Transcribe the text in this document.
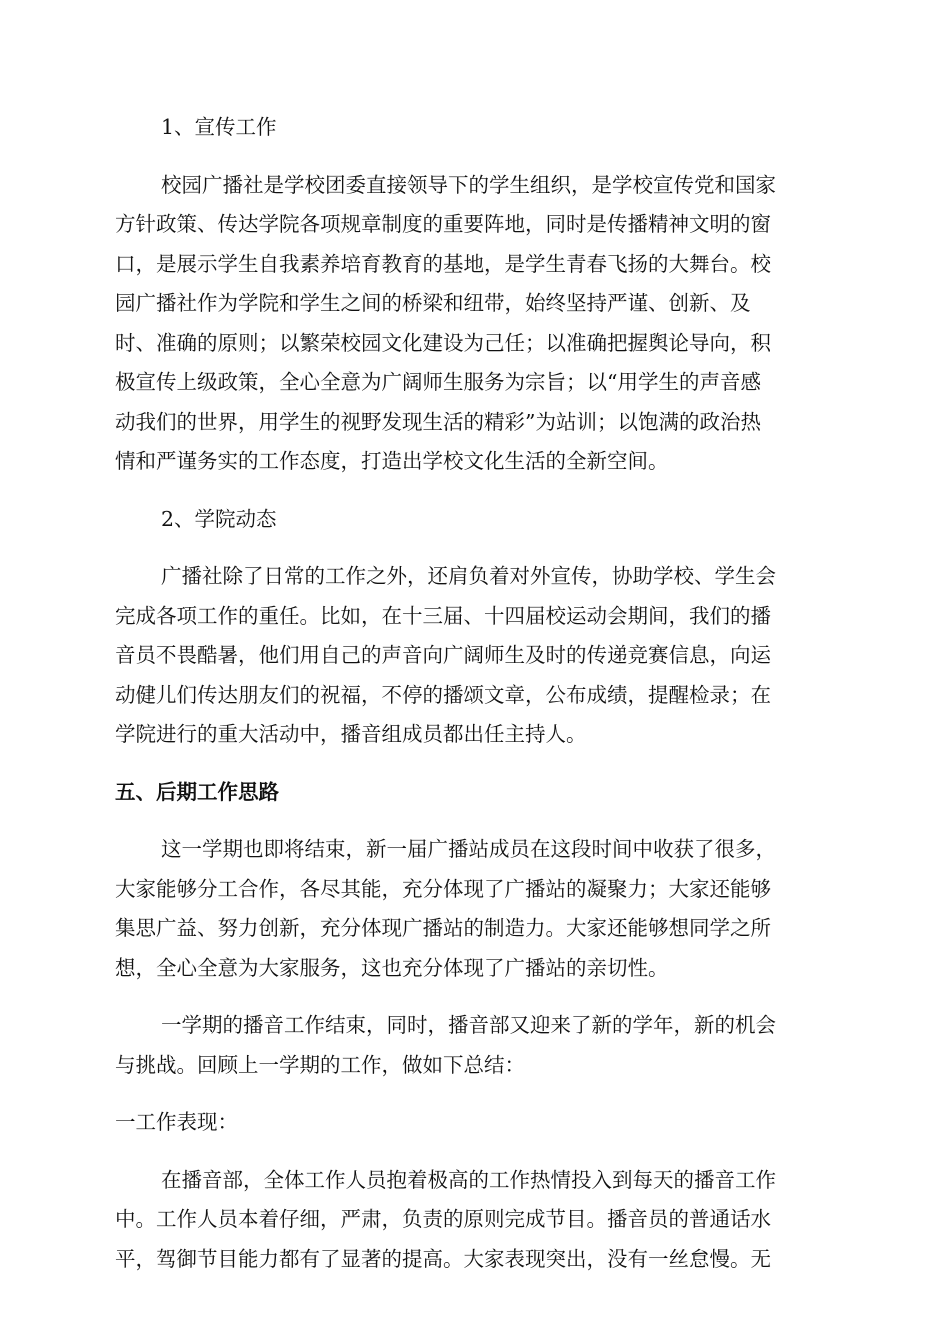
1、宣传工作

校园广播社是学校团委直接领导下的学生组织，是学校宣传党和国家
方针政策、传达学院各项规章制度的重要阵地，同时是传播精神文明的窗
口，是展示学生自我素养培育教育的基地，是学生青春飞扬的大舞台。校
园广播社作为学院和学生之间的桥梁和纽带，始终坚持严谨、创新、及
时、准确的原则；以繁荣校园文化建设为己任；以准确把握舆论导向，积
极宣传上级政策，全心全意为广阔师生服务为宗旨；以“用学生的声音感
动我们的世界，用学生的视野发现生活的精彩”为站训；以饱满的政治热
情和严谨务实的工作态度，打造出学校文化生活的全新空间。

2、学院动态

广播社除了日常的工作之外，还肩负着对外宣传，协助学校、学生会
完成各项工作的重任。比如，在十三届、十四届校运动会期间，我们的播
音员不畏酷暑，他们用自己的声音向广阔师生及时的传递竞赛信息，向运
动健儿们传达朋友们的祝福，不停的播颂文章，公布成绩，提醒检录；在
学院进行的重大活动中，播音组成员都出任主持人。

五、后期工作思路

这一学期也即将结束，新一届广播站成员在这段时间中收获了很多，
大家能够分工合作，各尽其能，充分体现了广播站的凝聚力；大家还能够
集思广益、努力创新，充分体现广播站的制造力。大家还能够想同学之所
想，全心全意为大家服务，这也充分体现了广播站的亲切性。

一学期的播音工作结束，同时，播音部又迎来了新的学年，新的机会
与挑战。回顾上一学期的工作，做如下总结：

一工作表现：

在播音部，全体工作人员抱着极高的工作热情投入到每天的播音工作
中。工作人员本着仔细，严肃，负责的原则完成节目。播音员的普通话水
平，驾御节目能力都有了显著的提高。大家表现突出，没有一丝怠慢。无
